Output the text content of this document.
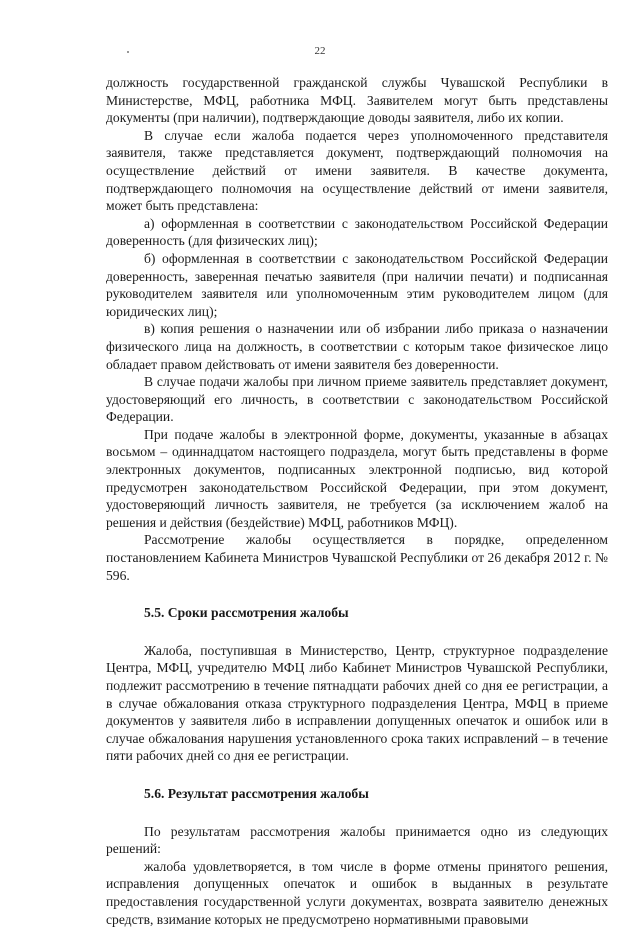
22

должность государственной гражданской службы Чувашской Республики в Министерстве, МФЦ, работника МФЦ. Заявителем могут быть представлены документы (при наличии), подтверждающие доводы заявителя, либо их копии.

В случае если жалоба подается через уполномоченного представителя заявителя, также представляется документ, подтверждающий полномочия на осуществление действий от имени заявителя. В качестве документа, подтверждающего полномочия на осуществление действий от имени заявителя, может быть представлена:

а) оформленная в соответствии с законодательством Российской Федерации доверенность (для физических лиц);

б) оформленная в соответствии с законодательством Российской Федерации доверенность, заверенная печатью заявителя (при наличии печати) и подписанная руководителем заявителя или уполномоченным этим руководителем лицом (для юридических лиц);

в) копия решения о назначении или об избрании либо приказа о назначении физического лица на должность, в соответствии с которым такое физическое лицо обладает правом действовать от имени заявителя без доверенности.

В случае подачи жалобы при личном приеме заявитель представляет документ, удостоверяющий его личность, в соответствии с законодательством Российской Федерации.

При подаче жалобы в электронной форме, документы, указанные в абзацах восьмом – одиннадцатом настоящего подраздела, могут быть представлены в форме электронных документов, подписанных электронной подписью, вид которой предусмотрен законодательством Российской Федерации, при этом документ, удостоверяющий личность заявителя, не требуется (за исключением жалоб на решения и действия (бездействие) МФЦ, работников МФЦ).

Рассмотрение жалобы осуществляется в порядке, определенном постановлением Кабинета Министров Чувашской Республики от 26 декабря 2012 г. № 596.

5.5. Сроки рассмотрения жалобы

Жалоба, поступившая в Министерство, Центр, структурное подразделение Центра, МФЦ, учредителю МФЦ либо Кабинет Министров Чувашской Республики, подлежит рассмотрению в течение пятнадцати рабочих дней со дня ее регистрации, а в случае обжалования отказа структурного подразделения Центра, МФЦ в приеме документов у заявителя либо в исправлении допущенных опечаток и ошибок или в случае обжалования нарушения установленного срока таких исправлений – в течение пяти рабочих дней со дня ее регистрации.

5.6. Результат рассмотрения жалобы

По результатам рассмотрения жалобы принимается одно из следующих решений:

жалоба удовлетворяется, в том числе в форме отмены принятого решения, исправления допущенных опечаток и ошибок в выданных в результате предоставления государственной услуги документах, возврата заявителю денежных средств, взимание которых не предусмотрено нормативными правовыми
